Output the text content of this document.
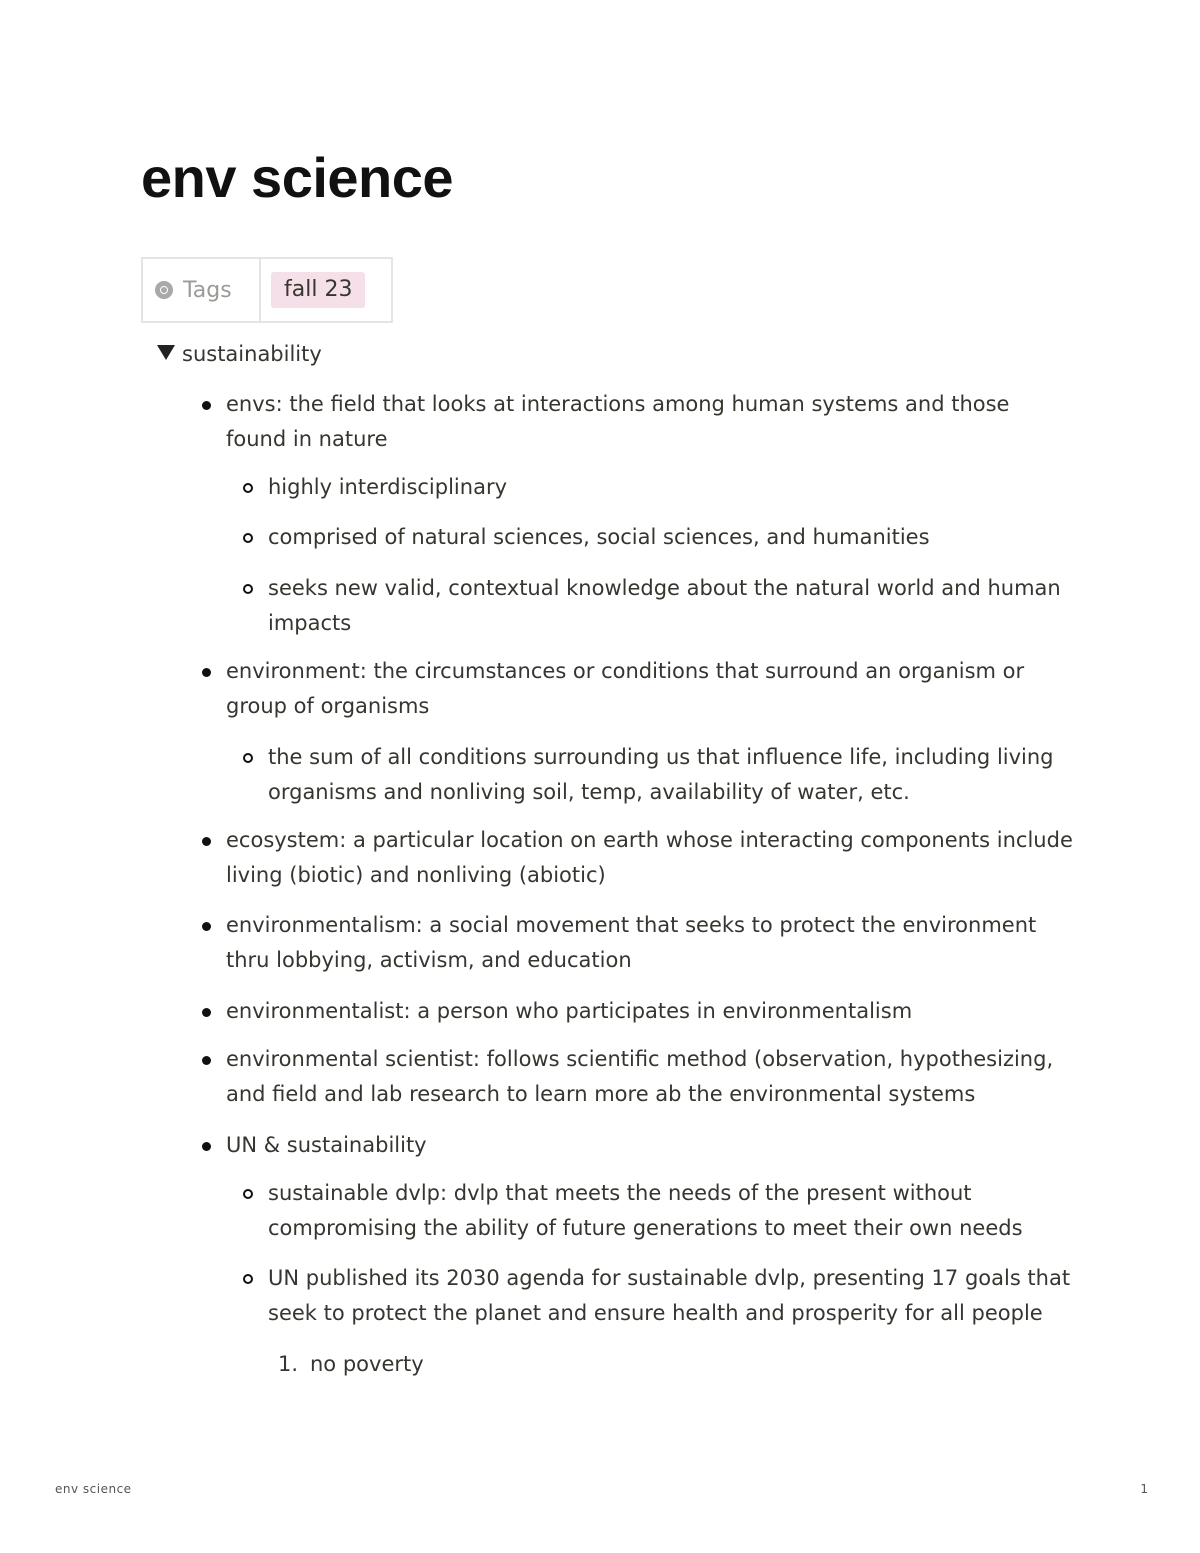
env science
Tags	fall 23
sustainability
envs: the field that looks at interactions among human systems and those found in nature
highly interdisciplinary
comprised of natural sciences, social sciences, and humanities
seeks new valid, contextual knowledge about the natural world and human impacts
environment: the circumstances or conditions that surround an organism or group of organisms
the sum of all conditions surrounding us that influence life, including living organisms and nonliving soil, temp, availability of water, etc.
ecosystem: a particular location on earth whose interacting components include living (biotic) and nonliving (abiotic)
environmentalism: a social movement that seeks to protect the environment thru lobbying, activism, and education
environmentalist: a person who participates in environmentalism
environmental scientist: follows scientific method (observation, hypothesizing, and field and lab research to learn more ab the environmental systems
UN & sustainability
sustainable dvlp: dvlp that meets the needs of the present without compromising the ability of future generations to meet their own needs
UN published its 2030 agenda for sustainable dvlp, presenting 17 goals that seek to protect the planet and ensure health and prosperity for all people
1. no poverty
env science	1
